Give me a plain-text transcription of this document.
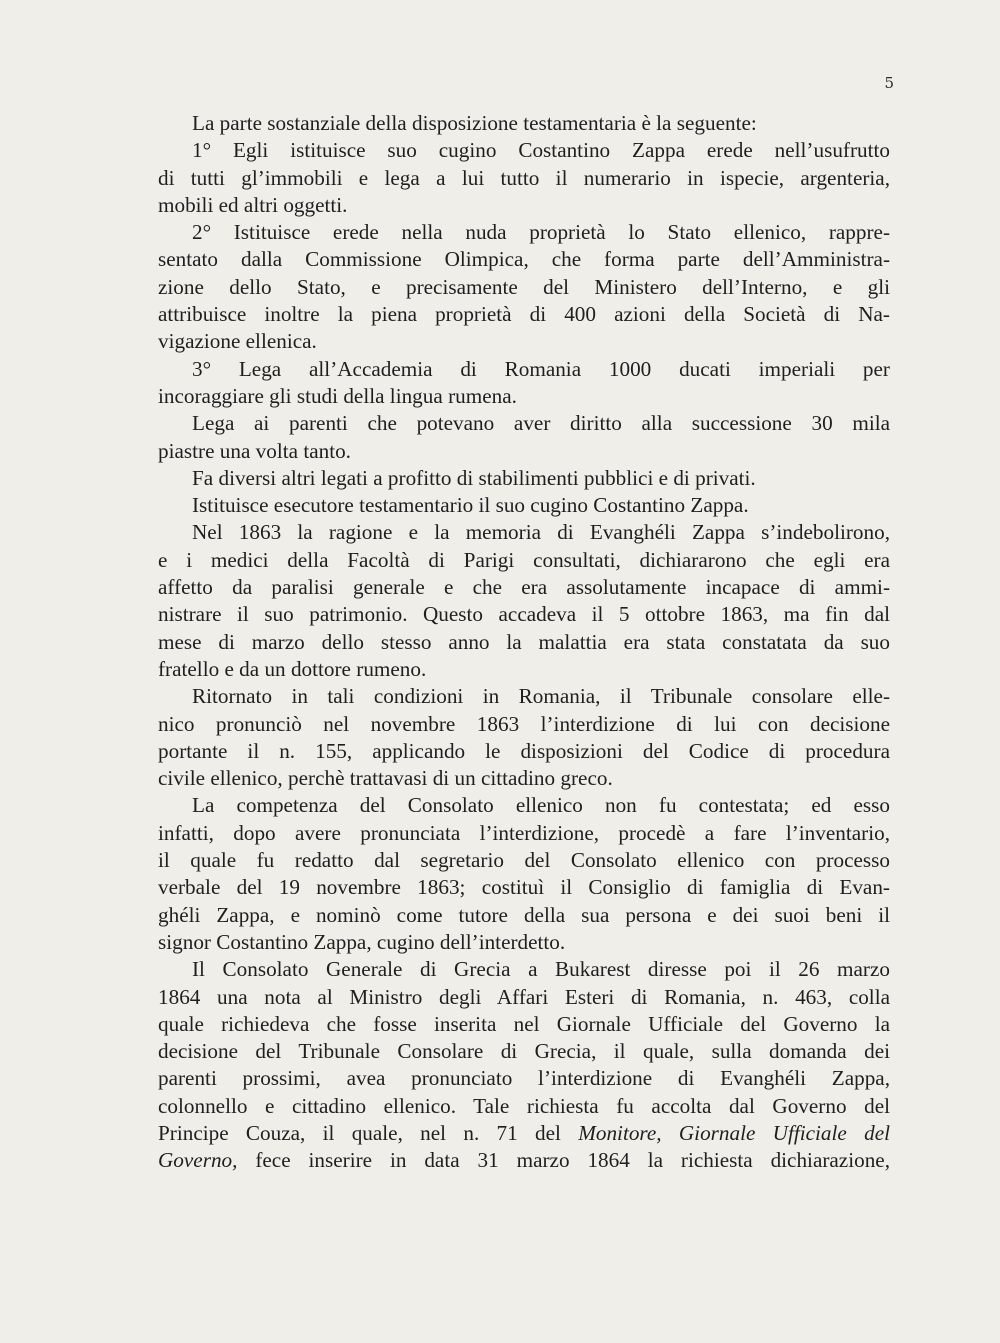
5

La parte sostanziale della disposizione testamentaria è la seguente:

1° Egli istituisce suo cugino Costantino Zappa erede nell’usufrutto
di tutti gl’immobili e lega a lui tutto il numerario in ispecie, argenteria,
mobili ed altri oggetti.

2° Istituisce erede nella nuda proprietà lo Stato ellenico, rappre-
sentato dalla Commissione Olimpica, che forma parte dell’Amministra-
zione dello Stato, e precisamente del Ministero dell’Interno, e gli
attribuisce inoltre la piena proprietà di 400 azioni della Società di Na-
vigazione ellenica.

3° Lega all’Accademia di Romania 1000 ducati imperiali per
incoraggiare gli studi della lingua rumena.

Lega ai parenti che potevano aver diritto alla successione 30 mila
piastre una volta tanto.

Fa diversi altri legati a profitto di stabilimenti pubblici e di privati.

Istituisce esecutore testamentario il suo cugino Costantino Zappa.

Nel 1863 la ragione e la memoria di Evanghéli Zappa s’indebolirono,
e i medici della Facoltà di Parigi consultati, dichiararono che egli era
affetto da paralisi generale e che era assolutamente incapace di ammi-
nistrare il suo patrimonio. Questo accadeva il 5 ottobre 1863, ma fin dal
mese di marzo dello stesso anno la malattia era stata constatata da suo
fratello e da un dottore rumeno.

Ritornato in tali condizioni in Romania, il Tribunale consolare elle-
nico pronunciò nel novembre 1863 l’interdizione di lui con decisione
portante il n. 155, applicando le disposizioni del Codice di procedura
civile ellenico, perchè trattavasi di un cittadino greco.

La competenza del Consolato ellenico non fu contestata; ed esso
infatti, dopo avere pronunciata l’interdizione, procedè a fare l’inventario,
il quale fu redatto dal segretario del Consolato ellenico con processo
verbale del 19 novembre 1863; costituì il Consiglio di famiglia di Evan-
ghéli Zappa, e nominò come tutore della sua persona e dei suoi beni il
signor Costantino Zappa, cugino dell’interdetto.

Il Consolato Generale di Grecia a Bukarest diresse poi il 26 marzo
1864 una nota al Ministro degli Affari Esteri di Romania, n. 463, colla
quale richiedeva che fosse inserita nel Giornale Ufficiale del Governo la
decisione del Tribunale Consolare di Grecia, il quale, sulla domanda dei
parenti prossimi, avea pronunciato l’interdizione di Evanghéli Zappa,
colonnello e cittadino ellenico. Tale richiesta fu accolta dal Governo del
Principe Couza, il quale, nel n. 71 del Monitore, Giornale Ufficiale del
Governo, fece inserire in data 31 marzo 1864 la richiesta dichiarazione,
